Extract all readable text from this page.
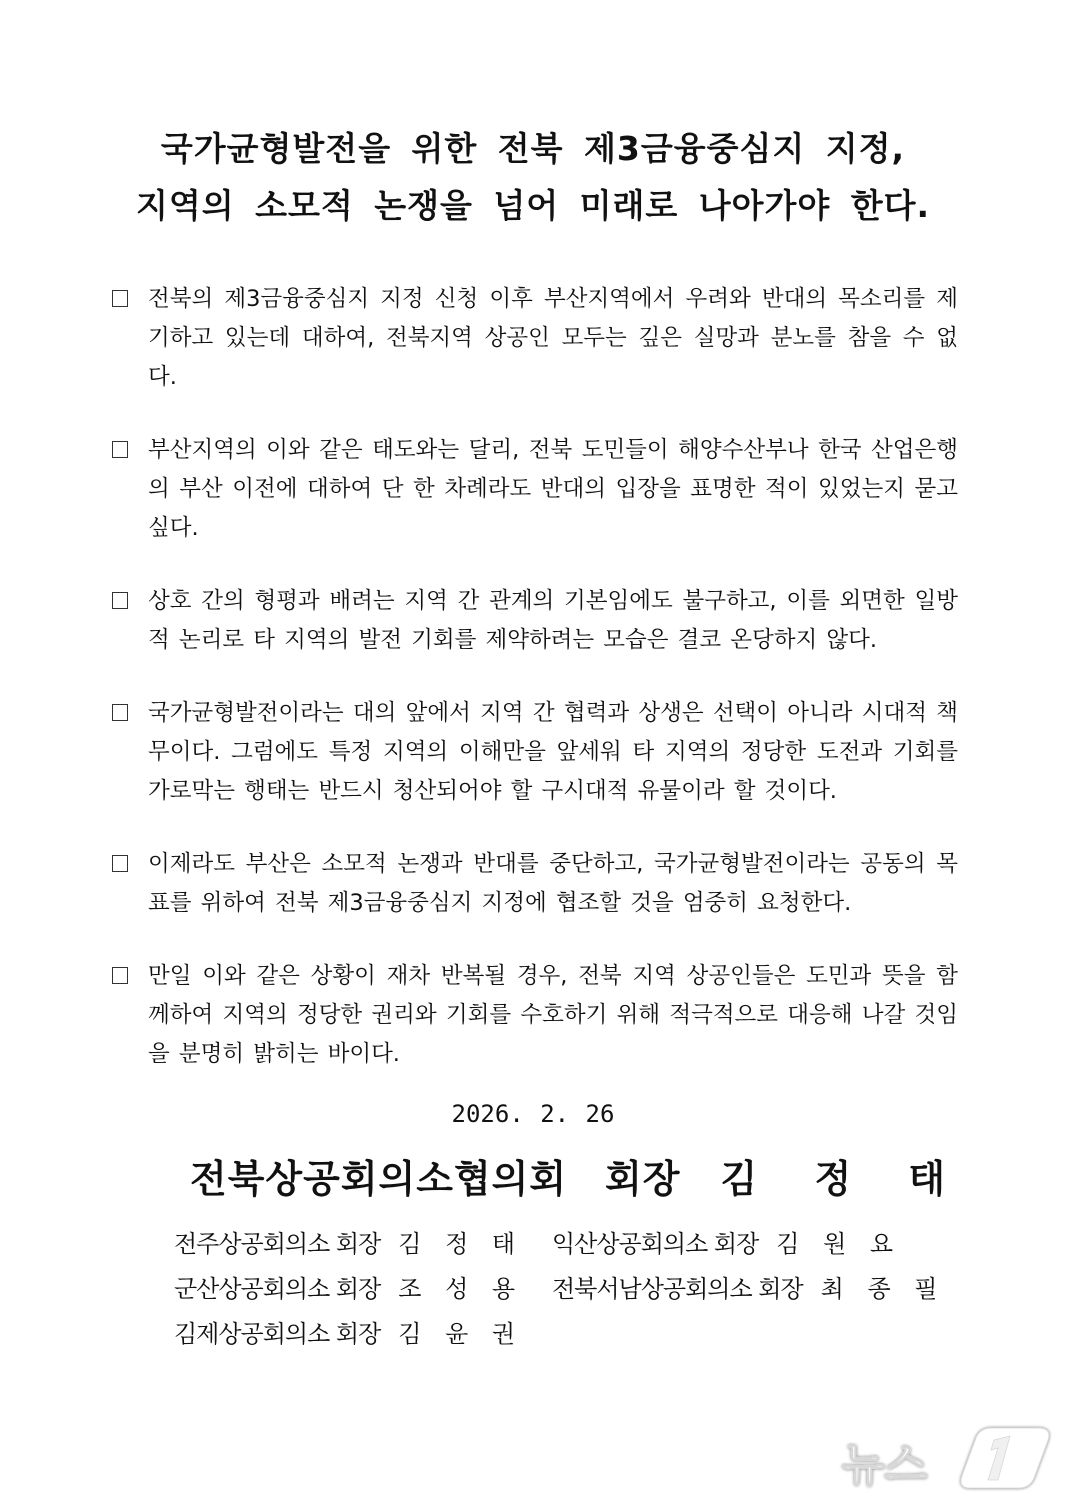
국가균형발전을 위한 전북 제3금융중심지 지정,
지역의 소모적 논쟁을 넘어 미래로 나아가야 한다.
전북의 제3금융중심지 지정 신청 이후 부산지역에서 우려와 반대의 목소리를 제기하고 있는데 대하여, 전북지역 상공인 모두는 깊은 실망과 분노를 참을 수 없다.
부산지역의 이와 같은 태도와는 달리, 전북 도민들이 해양수산부나 한국 산업은행의 부산 이전에 대하여 단 한 차례라도 반대의 입장을 표명한 적이 있었는지 묻고 싶다.
상호 간의 형평과 배려는 지역 간 관계의 기본임에도 불구하고, 이를 외면한 일방적 논리로 타 지역의 발전 기회를 제약하려는 모습은 결코 온당하지 않다.
국가균형발전이라는 대의 앞에서 지역 간 협력과 상생은 선택이 아니라 시대적 책무이다. 그럼에도 특정 지역의 이해만을 앞세워 타 지역의 정당한 도전과 기회를 가로막는 행태는 반드시 청산되어야 할 구시대적 유물이라 할 것이다.
이제라도 부산은 소모적 논쟁과 반대를 중단하고, 국가균형발전이라는 공동의 목표를 위하여 전북 제3금융중심지 지정에 협조할 것을 엄중히 요청한다.
만일 이와 같은 상황이 재차 반복될 경우, 전북 지역 상공인들은 도민과 뜻을 함께하여 지역의 정당한 권리와 기회를 수호하기 위해 적극적으로 대응해 나갈 것임을 분명히 밝히는 바이다.
2026. 2. 26
전북상공회의소협의회 회장 김 정 태
전주상공회의소 회장 김 정 태 익산상공회의소 회장 김 원 요
군산상공회의소 회장 조 성 용 전북서남상공회의소 회장 최 종 필
김제상공회의소 회장 김 윤 권
뉴스
